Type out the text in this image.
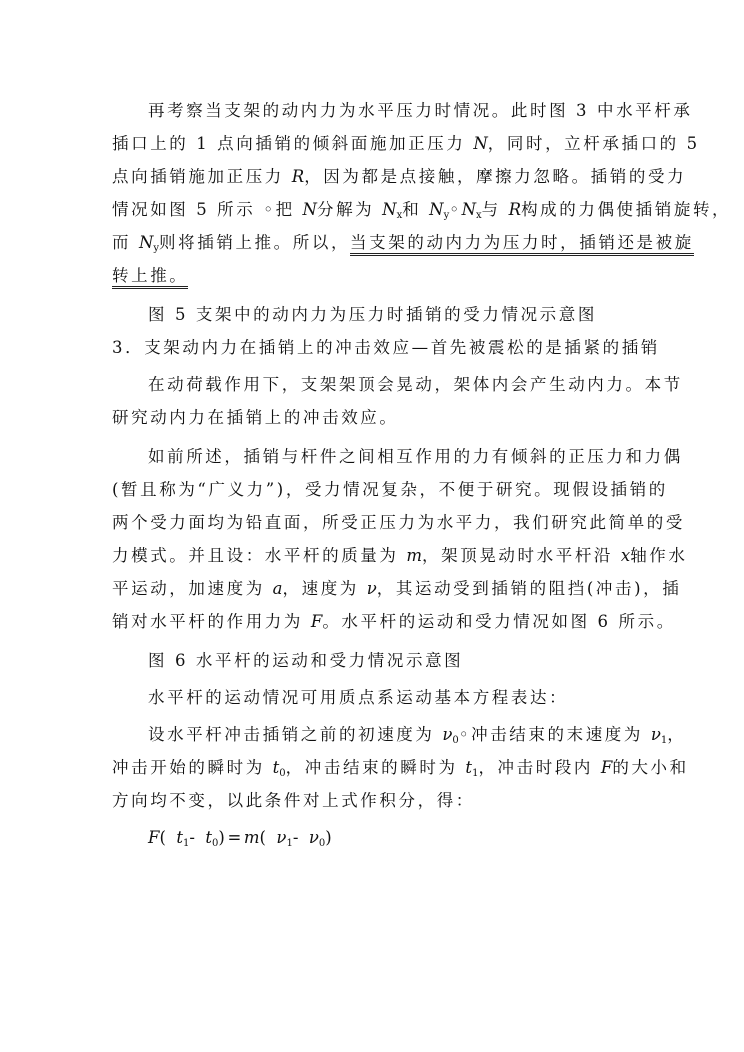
再考察当支架的动内力为水平压力时情况。此时图 3 中水平杆承
插口上的 1 点向插销的倾斜面施加正压力 N，同时，立杆承插口的 5
点向插销施加正压力 R，因为都是点接触，摩擦力忽略。插销的受力
情况如图 5 所示 ◦把 N分解为 $N_x$和 $N_y◦N_x$与 R构成的力偶使插销旋转，
而 $N_y$则将插销上推。所以，当支架的动内力为压力时，插销还是被旋
转上推。
图 5 支架中的动内力为压力时插销的受力情况示意图
3．支架动内力在插销上的冲击效应—首先被震松的是插紧的插销
在动荷载作用下，支架架顶会晃动，架体内会产生动内力。本节
研究动内力在插销上的冲击效应。
如前所述，插销与杆件之间相互作用的力有倾斜的正压力和力偶
(暂且称为“广义力”)，受力情况复杂，不便于研究。现假设插销的
两个受力面均为铅直面，所受正压力为水平力，我们研究此简单的受
力模式。并且设：水平杆的质量为 m，架顶晃动时水平杆沿 x轴作水
平运动，加速度为 a，速度为 ν，其运动受到插销的阻挡(冲击)，插
销对水平杆的作用力为 F。水平杆的运动和受力情况如图 6 所示。
图 6 水平杆的运动和受力情况示意图
水平杆的运动情况可用质点系运动基本方程表达：
设水平杆冲击插销之前的初速度为 $\nu_0◦$冲击结束的末速度为 $\nu_1$，
冲击开始的瞬时为 $t_0$，冲击结束的瞬时为 $t_1$，冲击时段内 F的大小和
方向均不变，以此条件对上式作积分，得：
F( $t_1-$ $t_0)=m$( $\nu_1-$ $\nu_0$)
